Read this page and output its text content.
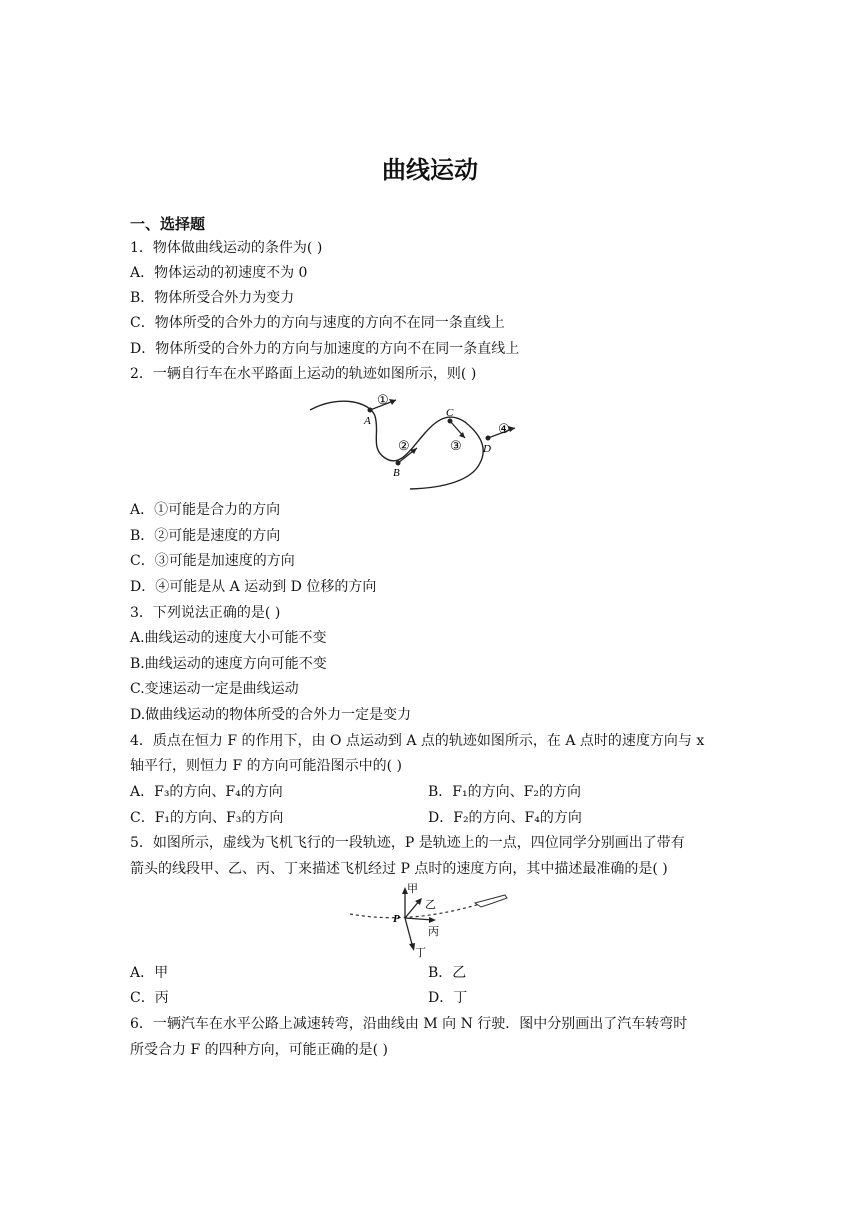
曲线运动
一、选择题
1．物体做曲线运动的条件为( )
A．物体运动的初速度不为 0
B．物体所受合外力为变力
C．物体所受的合外力的方向与速度的方向不在同一条直线上
D．物体所受的合外力的方向与加速度的方向不在同一条直线上
2．一辆自行车在水平路面上运动的轨迹如图所示，则( )
A
B
C
D
①
②	③
④
A．①可能是合力的方向
B．②可能是速度的方向
C．③可能是加速度的方向
D．④可能是从 A 运动到 D 位移的方向
3．下列说法正确的是( )
A.曲线运动的速度大小可能不变
B.曲线运动的速度方向可能不变
C.变速运动一定是曲线运动
D.做曲线运动的物体所受的合外力一定是变力
4．质点在恒力 F 的作用下，由 O 点运动到 A 点的轨迹如图所示，在 A 点时的速度方向与 x
轴平行，则恒力 F 的方向可能沿图示中的( )
A．F₃的方向、F₄的方向	B．F₁的方向、F₂的方向
C．F₁的方向、F₃的方向	D．F₂的方向、F₄的方向
5．如图所示，虚线为飞机飞行的一段轨迹，P 是轨迹上的一点，四位同学分别画出了带有
箭头的线段甲、乙、丙、丁来描述飞机经过 P 点时的速度方向，其中描述最准确的是( )
P
甲
乙
丙
丁
A．甲	B．乙
C．丙	D．丁
6．一辆汽车在水平公路上减速转弯，沿曲线由 M 向 N 行驶．图中分别画出了汽车转弯时
所受合力 F 的四种方向，可能正确的是( )
